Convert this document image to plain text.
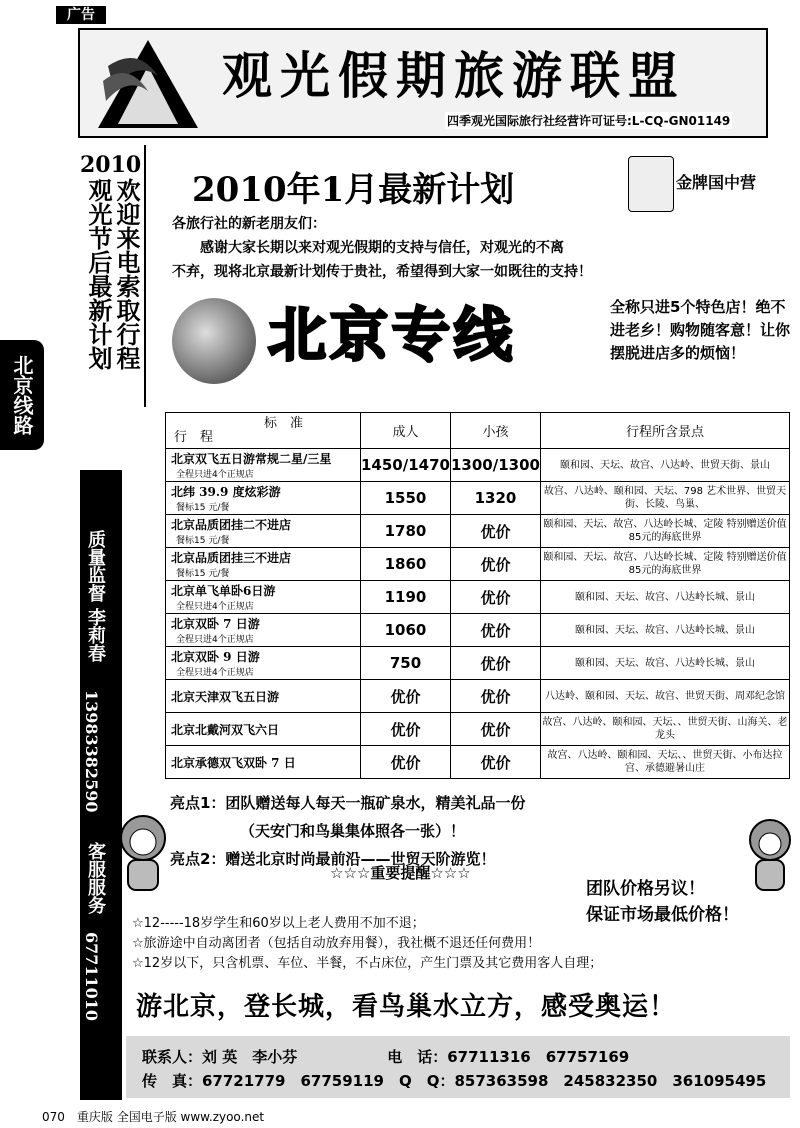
广告
观光假期旅游联盟
四季观光国际旅行社经营许可证号:L-CQ-GN01149
2010
欢迎来电索取行程
观光节后最新计划
北京线路
质量监督 李莉春
13983382590
客服服务
67711010
2010年1月最新计划	金牌国中营
各旅行社的新老朋友们：
　　感谢大家长期以来对观光假期的支持与信任，对观光的不离
不弃，现将北京最新计划传于贵社，希望得到大家一如既往的支持！
北京专线	全称只进5个特色店！绝不进老乡！购物随客意！让你摆脱进店多的烦恼！
标　准
行　程	成人	小孩	行程所含景点
北京双飞五日游常规二星/三星
全程只进4个正规店	1450/1470	1300/1300	颐和园、天坛、故宫、八达岭、世贸天街、景山
北纬 39.9 度炫彩游
餐标15 元/餐	1550	1320	故宫、八达岭、颐和园、天坛、798 艺术世界、世贸天街、长陵、鸟巢、
北京品质团挂二不进店
餐标15 元/餐	1780	优价	颐和园、天坛、故宫、八达岭长城、定陵 特别赠送价值85元的海底世界
北京品质团挂三不进店
餐标15 元/餐	1860	优价	颐和园、天坛、故宫、八达岭长城、定陵 特别赠送价值85元的海底世界
北京单飞单卧6日游
全程只进4个正规店	1190	优价	颐和园、天坛、故宫、八达岭长城、景山
北京双卧 7 日游
全程只进4个正规店	1060	优价	颐和园、天坛、故宫、八达岭长城、景山
北京双卧 9 日游
全程只进4个正规店	750	优价	颐和园、天坛、故宫、八达岭长城、景山
北京天津双飞五日游	优价	优价	八达岭、颐和园、天坛、故宫、世贸天街、周邓纪念馆
北京北戴河双飞六日	优价	优价	故宫、八达岭、颐和园、天坛、、世贸天街、山海关、老龙头
北京承德双飞双卧 7 日	优价	优价	故宫、八达岭、颐和园、天坛、、世贸天街、小布达拉宫、承德避暑山庄
亮点1：团队赠送每人每天一瓶矿泉水，精美礼品一份
（天安门和鸟巢集体照各一张）！
亮点2：赠送北京时尚最前沿——世贸天阶游览！
☆☆☆重要提醒☆☆☆
☆12-----18岁学生和60岁以上老人费用不加不退；
☆旅游途中自动离团者（包括自动放弃用餐），我社概不退还任何费用！
☆12岁以下，只含机票、车位、半餐，不占床位，产生门票及其它费用客人自理；
团队价格另议！
保证市场最低价格！
游北京，登长城，看鸟巢水立方，感受奥运！
联系人：刘 英　李小芬　　　　　　电　话：67711316　67757169
传　真：67721779　67759119　Q　Q：857363598　245832350　361095495
070　重庆版 全国电子版 www.zyoo.net
